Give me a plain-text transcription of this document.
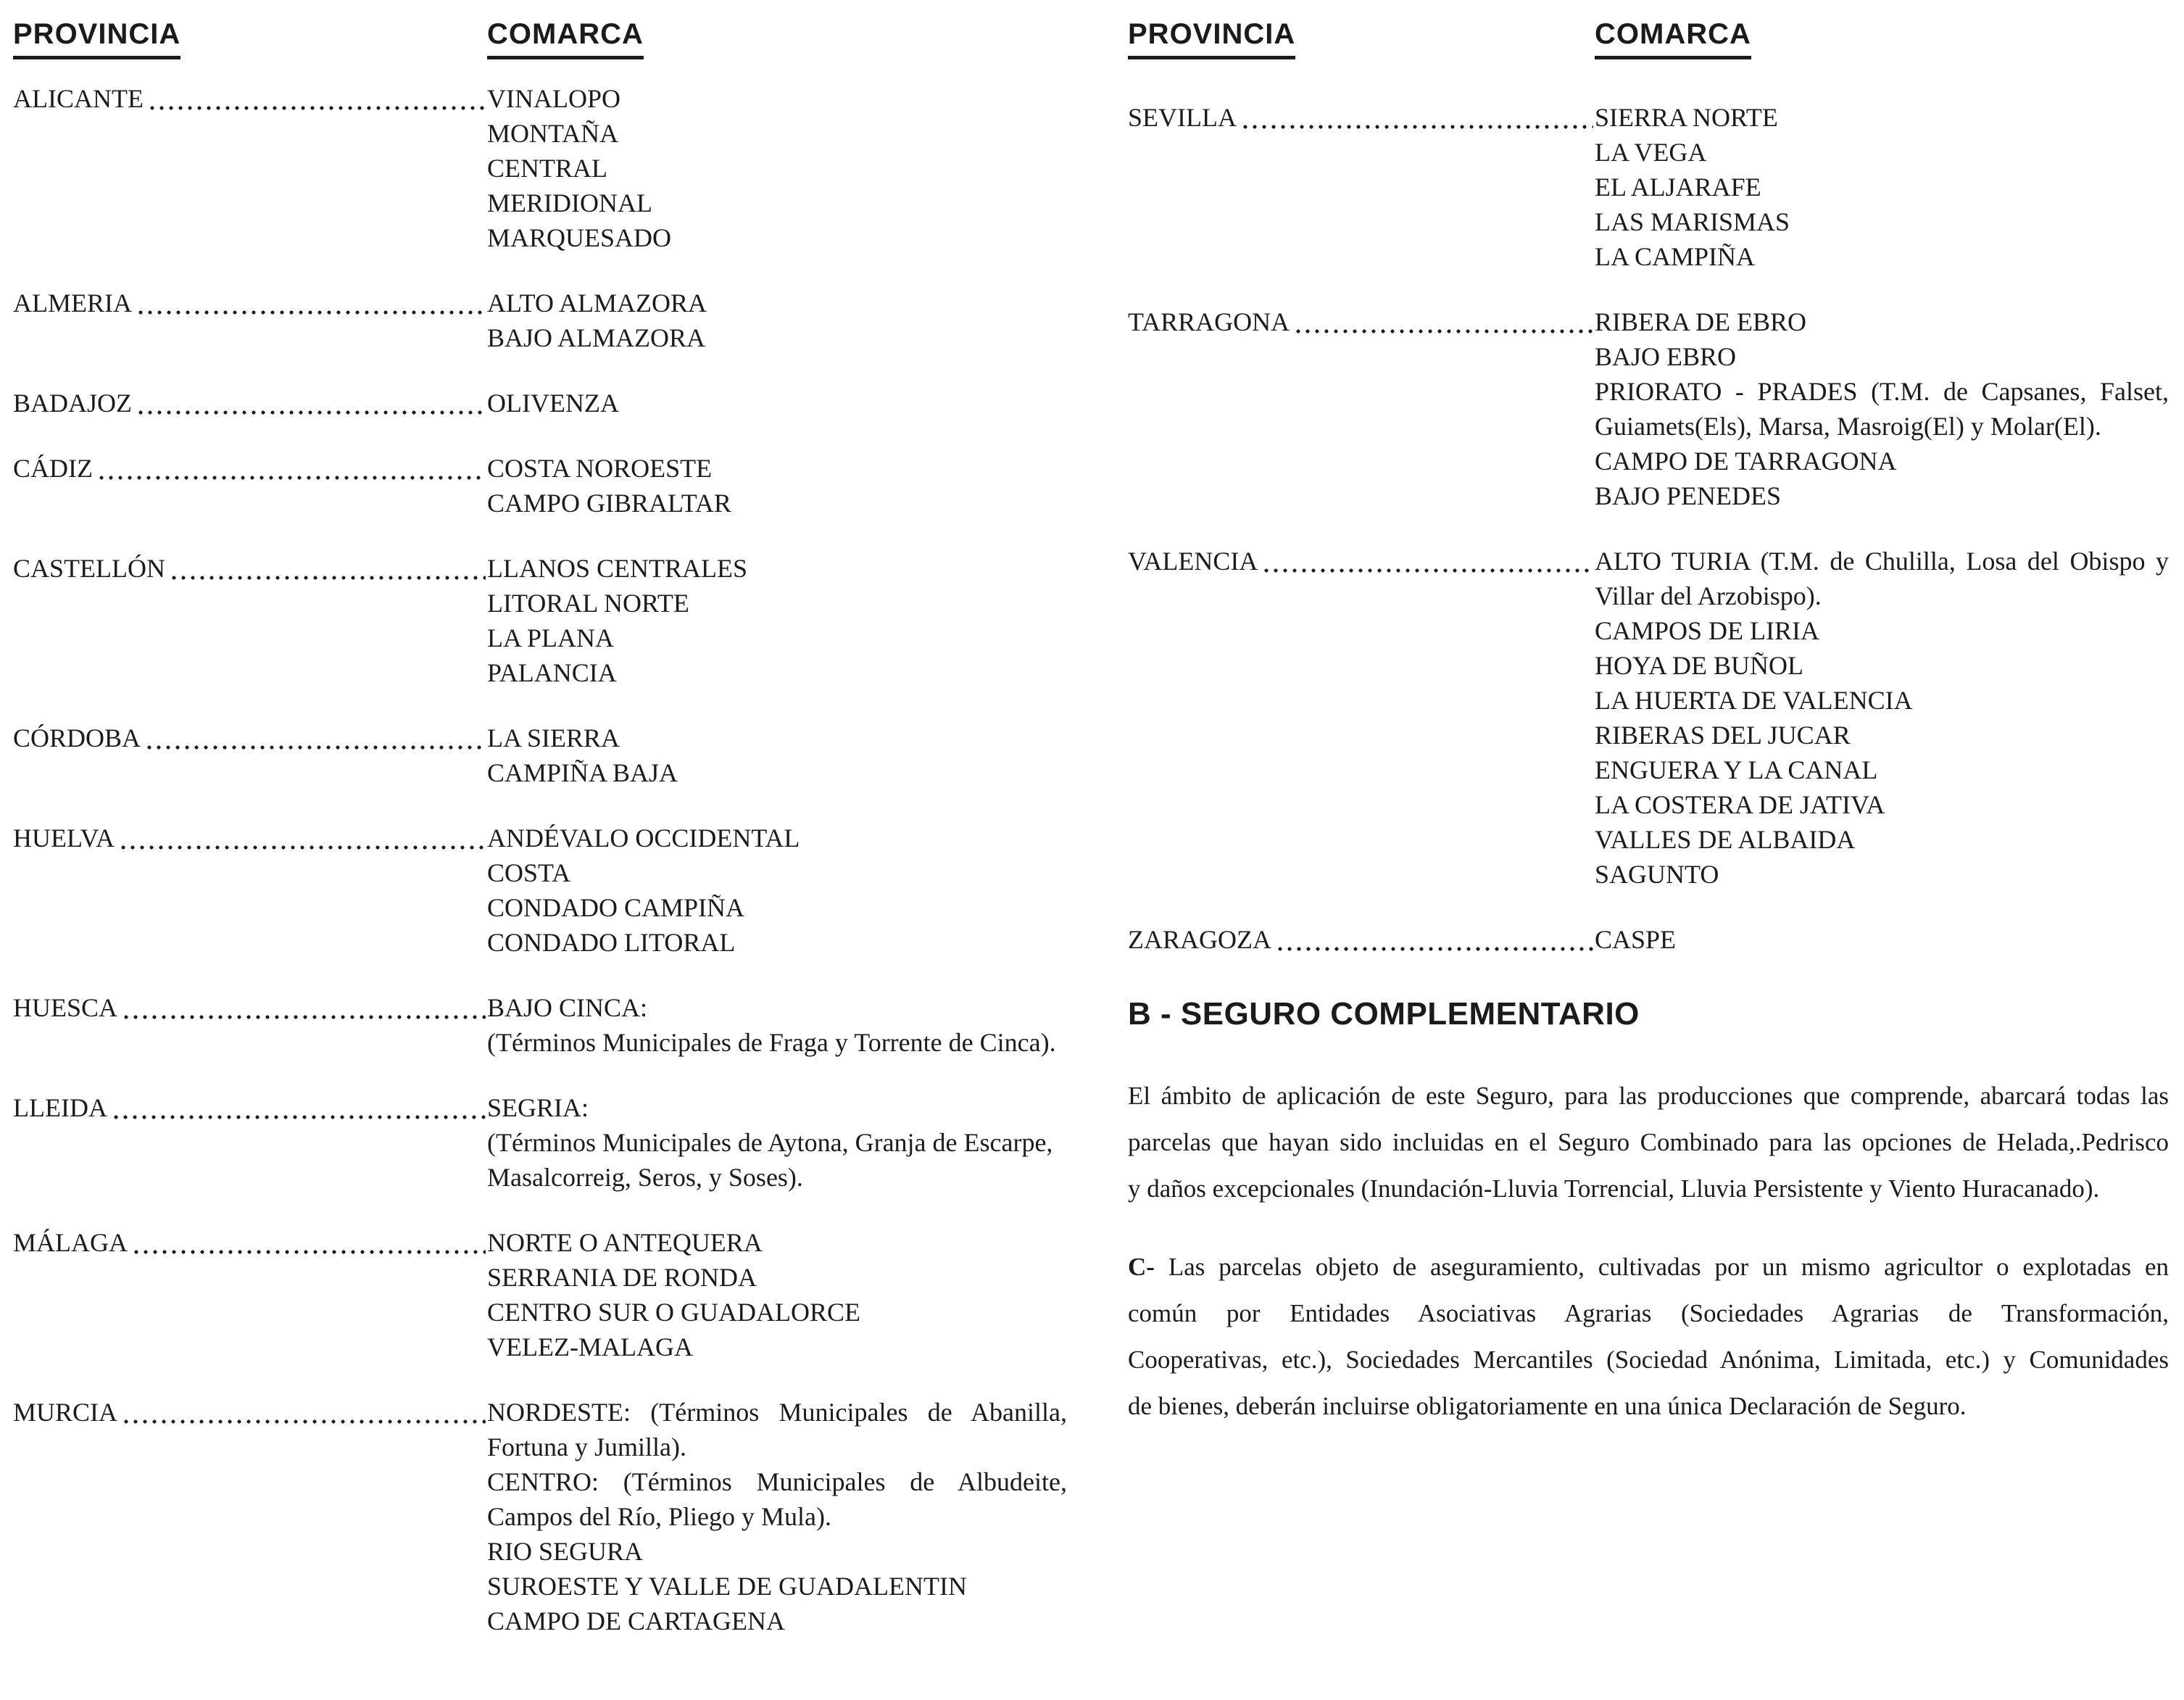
PROVINCIA	COMARCA
ALICANTE	VINALOPO
MONTAÑA
CENTRAL
MERIDIONAL
MARQUESADO
ALMERIA	ALTO ALMAZORA
BAJO ALMAZORA
BADAJOZ	OLIVENZA
CÁDIZ	COSTA NOROESTE
CAMPO GIBRALTAR
CASTELLÓN	LLANOS CENTRALES
LITORAL NORTE
LA PLANA
PALANCIA
CÓRDOBA	LA SIERRA
CAMPIÑA BAJA
HUELVA	ANDÉVALO OCCIDENTAL
COSTA
CONDADO CAMPIÑA
CONDADO LITORAL
HUESCA	BAJO CINCA:
(Términos Municipales de Fraga y Torrente de Cinca).
LLEIDA	SEGRIA:
(Términos Municipales de Aytona, Granja de Escarpe,
Masalcorreig, Seros, y Soses).
MÁLAGA	NORTE O ANTEQUERA
SERRANIA DE RONDA
CENTRO SUR O GUADALORCE
VELEZ-MALAGA
MURCIA	NORDESTE: (Términos Municipales de Abanilla,
Fortuna y Jumilla).
CENTRO: (Términos Municipales de Albudeite,
Campos del Río, Pliego y Mula).
RIO SEGURA
SUROESTE Y VALLE DE GUADALENTIN
CAMPO DE CARTAGENA
PROVINCIA	COMARCA
SEVILLA	SIERRA NORTE
LA VEGA
EL ALJARAFE
LAS MARISMAS
LA CAMPIÑA
TARRAGONA	RIBERA DE EBRO
BAJO EBRO
PRIORATO - PRADES (T.M. de Capsanes, Falset,
Guiamets(Els), Marsa, Masroig(El) y Molar(El).
CAMPO DE TARRAGONA
BAJO PENEDES
VALENCIA	ALTO TURIA (T.M. de Chulilla, Losa del Obispo y
Villar del Arzobispo).
CAMPOS DE LIRIA
HOYA DE BUÑOL
LA HUERTA DE VALENCIA
RIBERAS DEL JUCAR
ENGUERA Y LA CANAL
LA COSTERA DE JATIVA
VALLES DE ALBAIDA
SAGUNTO
ZARAGOZA	CASPE
B - SEGURO COMPLEMENTARIO
El ámbito de aplicación de este Seguro, para las producciones que comprende, abarcará todas las
parcelas que hayan sido incluidas en el Seguro Combinado para las opciones de Helada,.Pedrisco
y daños excepcionales (Inundación-Lluvia Torrencial, Lluvia Persistente y Viento Huracanado).
C- Las parcelas objeto de aseguramiento, cultivadas por un mismo agricultor o explotadas en
común por Entidades Asociativas Agrarias (Sociedades Agrarias de Transformación,
Cooperativas, etc.), Sociedades Mercantiles (Sociedad Anónima, Limitada, etc.) y Comunidades
de bienes, deberán incluirse obligatoriamente en una única Declaración de Seguro.
